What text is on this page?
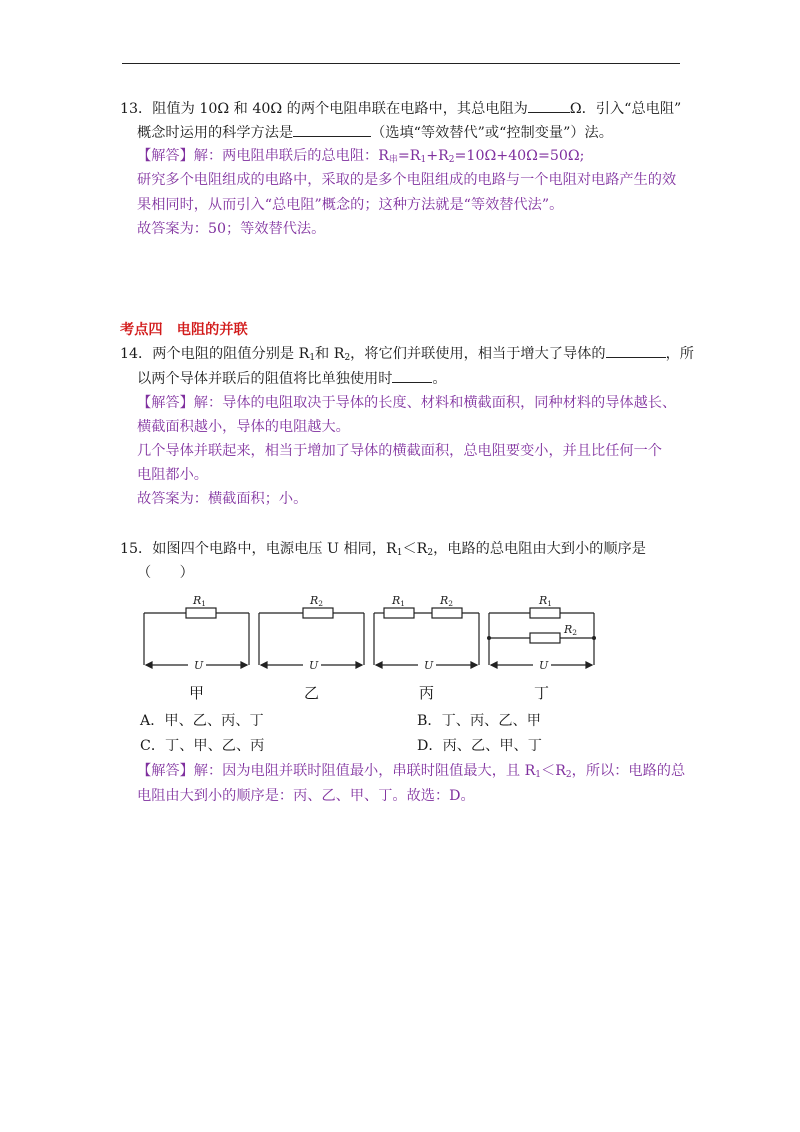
13．阻值为 10Ω 和 40Ω 的两个电阻串联在电路中，其总电阻为	Ω．引入“总电阻”
概念时运用的科学方法是	（选填“等效替代”或“控制变量”）法。
【解答】解：两电阻串联后的总电阻：$R_串=R_1+R_2=10\Omega+40\Omega=50\Omega$;
研究多个电阻组成的电路中，采取的是多个电阻组成的电路与一个电阻对电路产生的效
果相同时，从而引入“总电阻”概念的；这种方法就是“等效替代法”。
故答案为：50；等效替代法。
考点四　电阻的并联
14．两个电阻的阻值分别是 $R_1$和 $R_2$，将它们并联使用，相当于增大了导体的	，所
以两个导体并联后的阻值将比单独使用时	。
【解答】解：导体的电阻取决于导体的长度、材料和横截面积，同种材料的导体越长、
横截面积越小，导体的电阻越大。
几个导体并联起来，相当于增加了导体的横截面积，总电阻要变小，并且比任何一个
电阻都小。
故答案为：横截面积；小。
15．如图四个电路中，电源电压 U 相同，$R_1<R_2$，电路的总电阻由大到小的顺序是
（　　）
R1	R2	R1	R2	R1
R2
U	U	U	U
甲	乙	丙	丁
A．甲、乙、丙、丁	B．丁、丙、乙、甲
C．丁、甲、乙、丙	D．丙、乙、甲、丁
【解答】解：因为电阻并联时阻值最小，串联时阻值最大，且 $R_1<R_2$，所以：电路的总
电阻由大到小的顺序是：丙、乙、甲、丁。故选：D。
